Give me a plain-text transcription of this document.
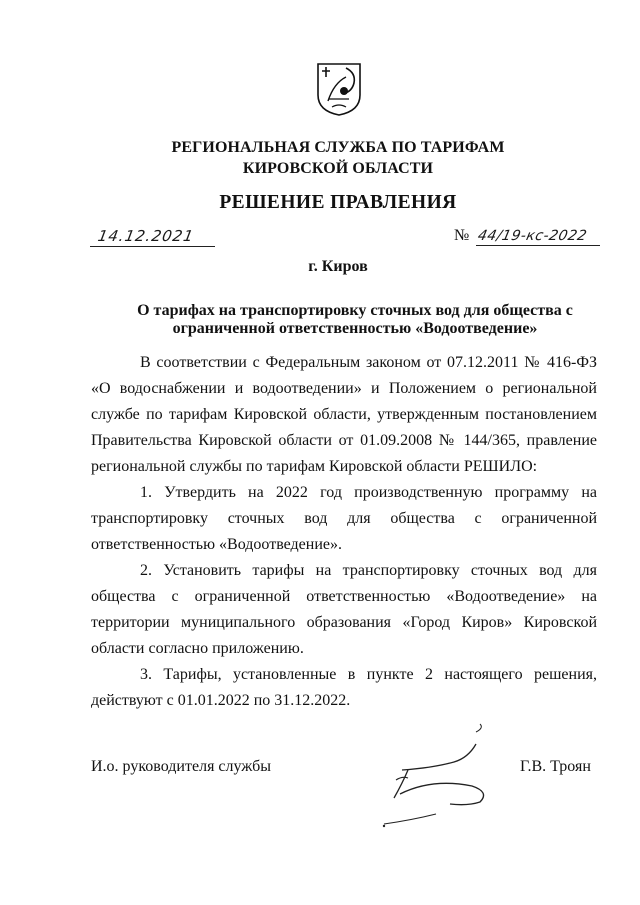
РЕГИОНАЛЬНАЯ СЛУЖБА ПО ТАРИФАМ
КИРОВСКОЙ ОБЛАСТИ
РЕШЕНИЕ ПРАВЛЕНИЯ
14.12.2021	№ 44/19-кс-2022
г. Киров
О тарифах на транспортировку сточных вод для общества с
ограниченной ответственностью «Водоотведение»

В соответствии с Федеральным законом от 07.12.2011 № 416-ФЗ «О водоснабжении и водоотведении» и Положением о региональной службе по тарифам Кировской области, утвержденным постановлением Правительства Кировской области от 01.09.2008 № 144/365, правление региональной службы по тарифам Кировской области РЕШИЛО:

1. Утвердить на 2022 год производственную программу на транспортировку сточных вод для общества с ограниченной ответственностью «Водоотведение».

2. Установить тарифы на транспортировку сточных вод для общества с ограниченной ответственностью «Водоотведение» на территории муниципального образования «Город Киров» Кировской области согласно приложению.

3. Тарифы, установленные в пункте 2 настоящего решения, действуют с 01.01.2022 по 31.12.2022.

И.о. руководителя службы	Г.В. Троян
